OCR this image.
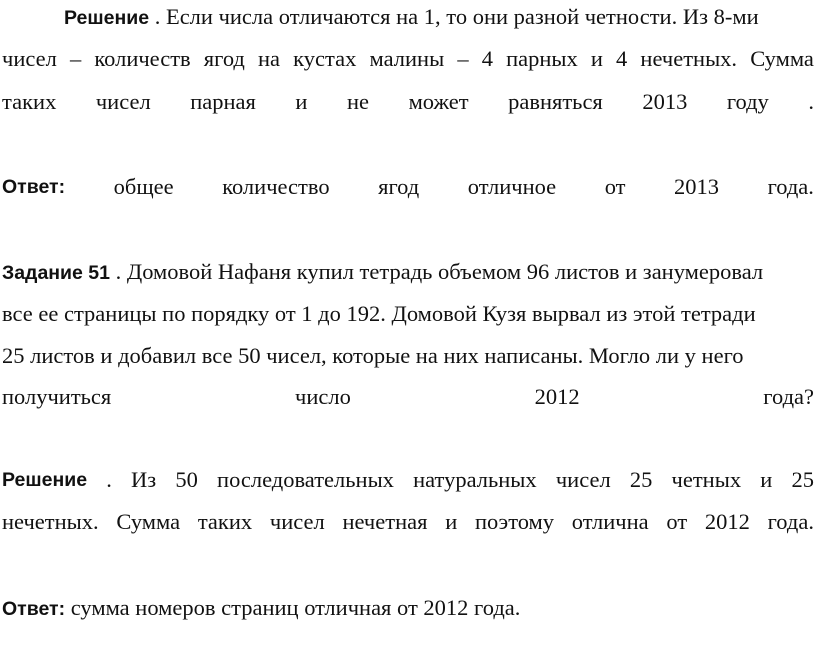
Решение . Если числа отличаются на 1, то они разной четности. Из 8-ми
чисел – количеств ягод на кустах малины – 4 парных и 4 нечетных. Сумма
таких чисел парная и не может равняться 2013 году .
Ответ: общее количество ягод отличное от 2013 года.
Задание 51 . Домовой Нафаня купил тетрадь объемом 96 листов и занумеровал
все ее страницы по порядку от 1 до 192. Домовой Кузя вырвал из этой тетради
25 листов и добавил все 50 чисел, которые на них написаны. Могло ли у него
получиться	число	2012	года?
Решение . Из 50 последовательных натуральных чисел 25 четных и 25
нечетных. Сумма таких чисел нечетная и поэтому отлична от 2012 года.
Ответ: сумма номеров страниц отличная от 2012 года.
